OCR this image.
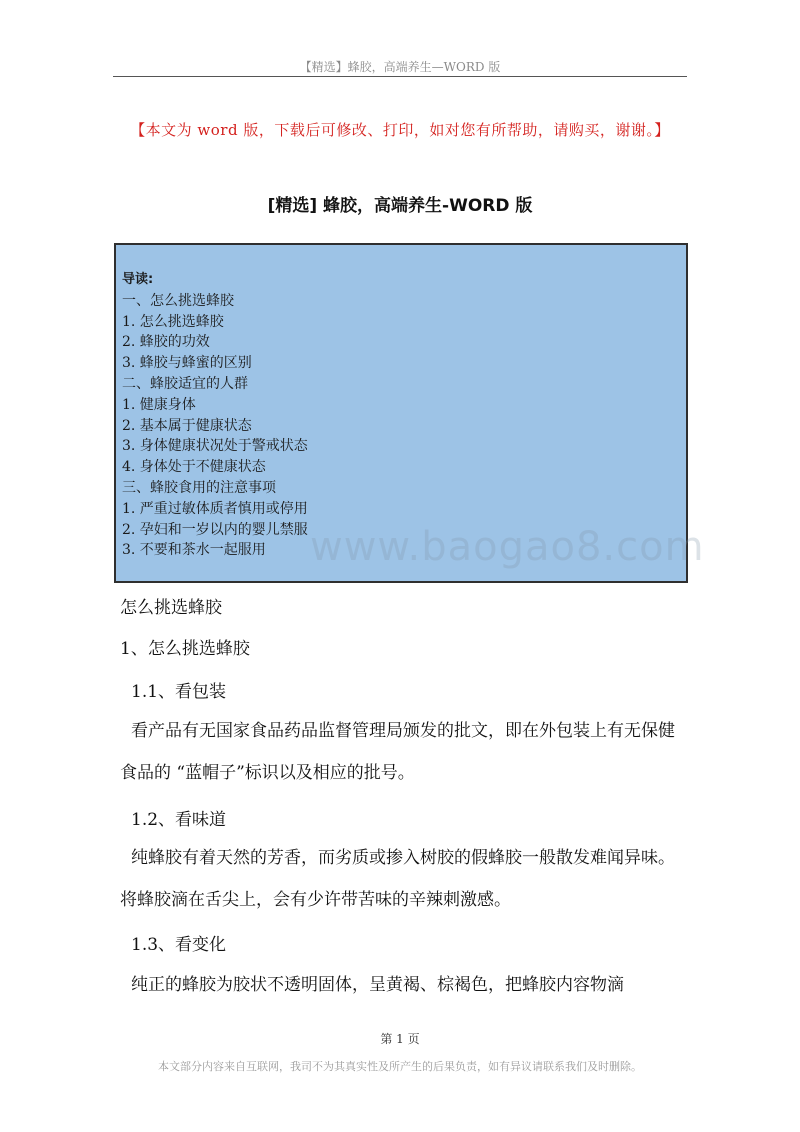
【精选】蜂胶，高端养生—WORD 版
【本文为 word 版，下载后可修改、打印，如对您有所帮助，请购买，谢谢。】
[精选] 蜂胶，高端养生-WORD 版
导读:
一、怎么挑选蜂胶
1. 怎么挑选蜂胶
2. 蜂胶的功效
3. 蜂胶与蜂蜜的区别
二、蜂胶适宜的人群
1. 健康身体
2. 基本属于健康状态
3. 身体健康状况处于警戒状态
4. 身体处于不健康状态
三、蜂胶食用的注意事项
1. 严重过敏体质者慎用或停用
2. 孕妇和一岁以内的婴儿禁服
3. 不要和茶水一起服用	www.baogao8.com
怎么挑选蜂胶
1、怎么挑选蜂胶
1.1、看包装
看产品有无国家食品药品监督管理局颁发的批文，即在外包装上有无保健食品的 “蓝帽子”标识以及相应的批号。
1.2、看味道
纯蜂胶有着天然的芳香，而劣质或掺入树胶的假蜂胶一般散发难闻异味。将蜂胶滴在舌尖上，会有少许带苦味的辛辣刺激感。
1.3、看变化
纯正的蜂胶为胶状不透明固体，呈黄褐、棕褐色，把蜂胶内容物滴
第 1 页
本文部分内容来自互联网，我司不为其真实性及所产生的后果负责，如有异议请联系我们及时删除。
